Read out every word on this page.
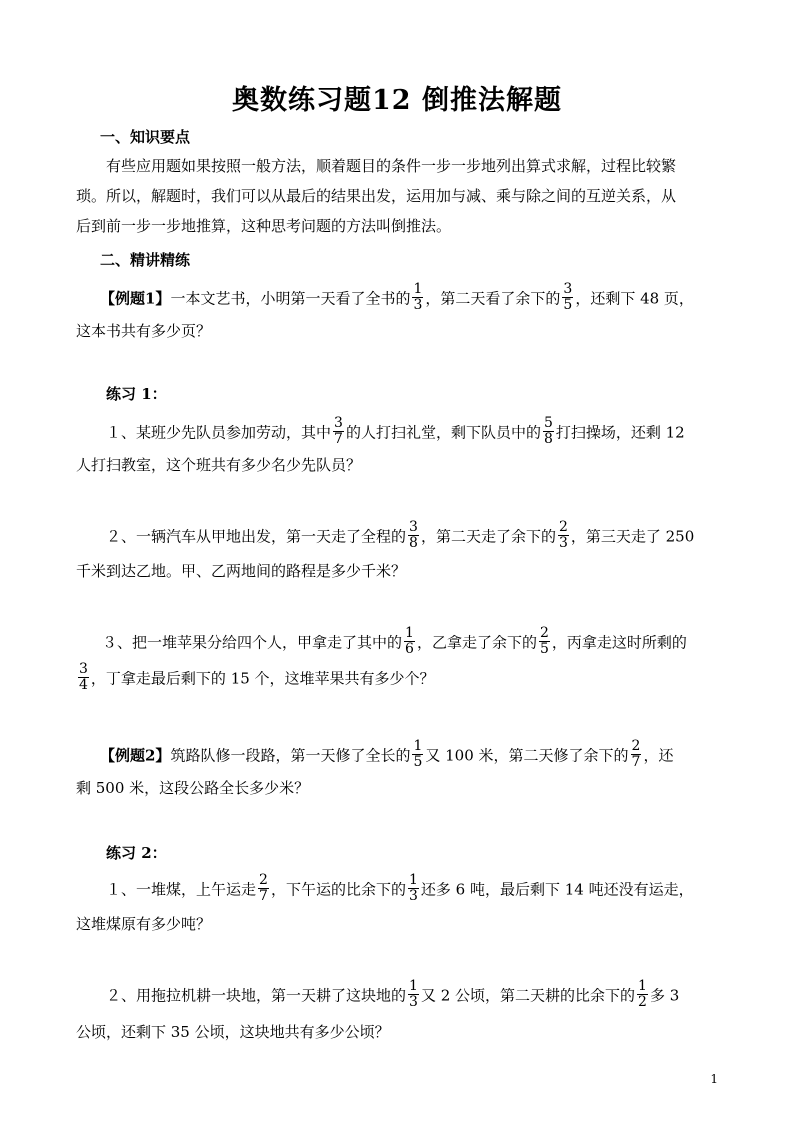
奥数练习题12 倒推法解题
一、知识要点
有些应用题如果按照一般方法，顺着题目的条件一步一步地列出算式求解，过程比较繁
琐。所以，解题时，我们可以从最后的结果出发，运用加与减、乘与除之间的互逆关系，从
后到前一步一步地推算，这种思考问题的方法叫倒推法。
二、精讲精练
【例题1】一本文艺书，小明第一天看了全书的 $\frac{1}{3}$ ，第二天看了余下的 $\frac{3}{5}$ ，还剩下 48 页，
这本书共有多少页？
练习 1：
１、某班少先队员参加劳动，其中 $\frac{3}{7}$ 的人打扫礼堂，剩下队员中的 $\frac{5}{8}$ 打扫操场，还剩 12
人打扫教室，这个班共有多少名少先队员？
２、一辆汽车从甲地出发，第一天走了全程的 $\frac{3}{8}$ ，第二天走了余下的 $\frac{2}{3}$ ，第三天走了 250
千米到达乙地。甲、乙两地间的路程是多少千米？
３、把一堆苹果分给四个人，甲拿走了其中的 $\frac{1}{6}$ ，乙拿走了余下的 $\frac{2}{5}$ ，丙拿走这时所剩的
$\frac{3}{4}$ ，丁拿走最后剩下的 15 个，这堆苹果共有多少个？
【例题2】筑路队修一段路，第一天修了全长的 $\frac{1}{5}$ 又 100 米，第二天修了余下的 $\frac{2}{7}$ ，还
剩 500 米，这段公路全长多少米？
练习 2：
１、一堆煤，上午运走 $\frac{2}{7}$ ，下午运的比余下的 $\frac{1}{3}$ 还多 6 吨，最后剩下 14 吨还没有运走，
这堆煤原有多少吨？
２、用拖拉机耕一块地，第一天耕了这块地的 $\frac{1}{3}$ 又 2 公顷，第二天耕的比余下的 $\frac{1}{2}$ 多 3
公顷，还剩下 35 公顷，这块地共有多少公顷？
1
